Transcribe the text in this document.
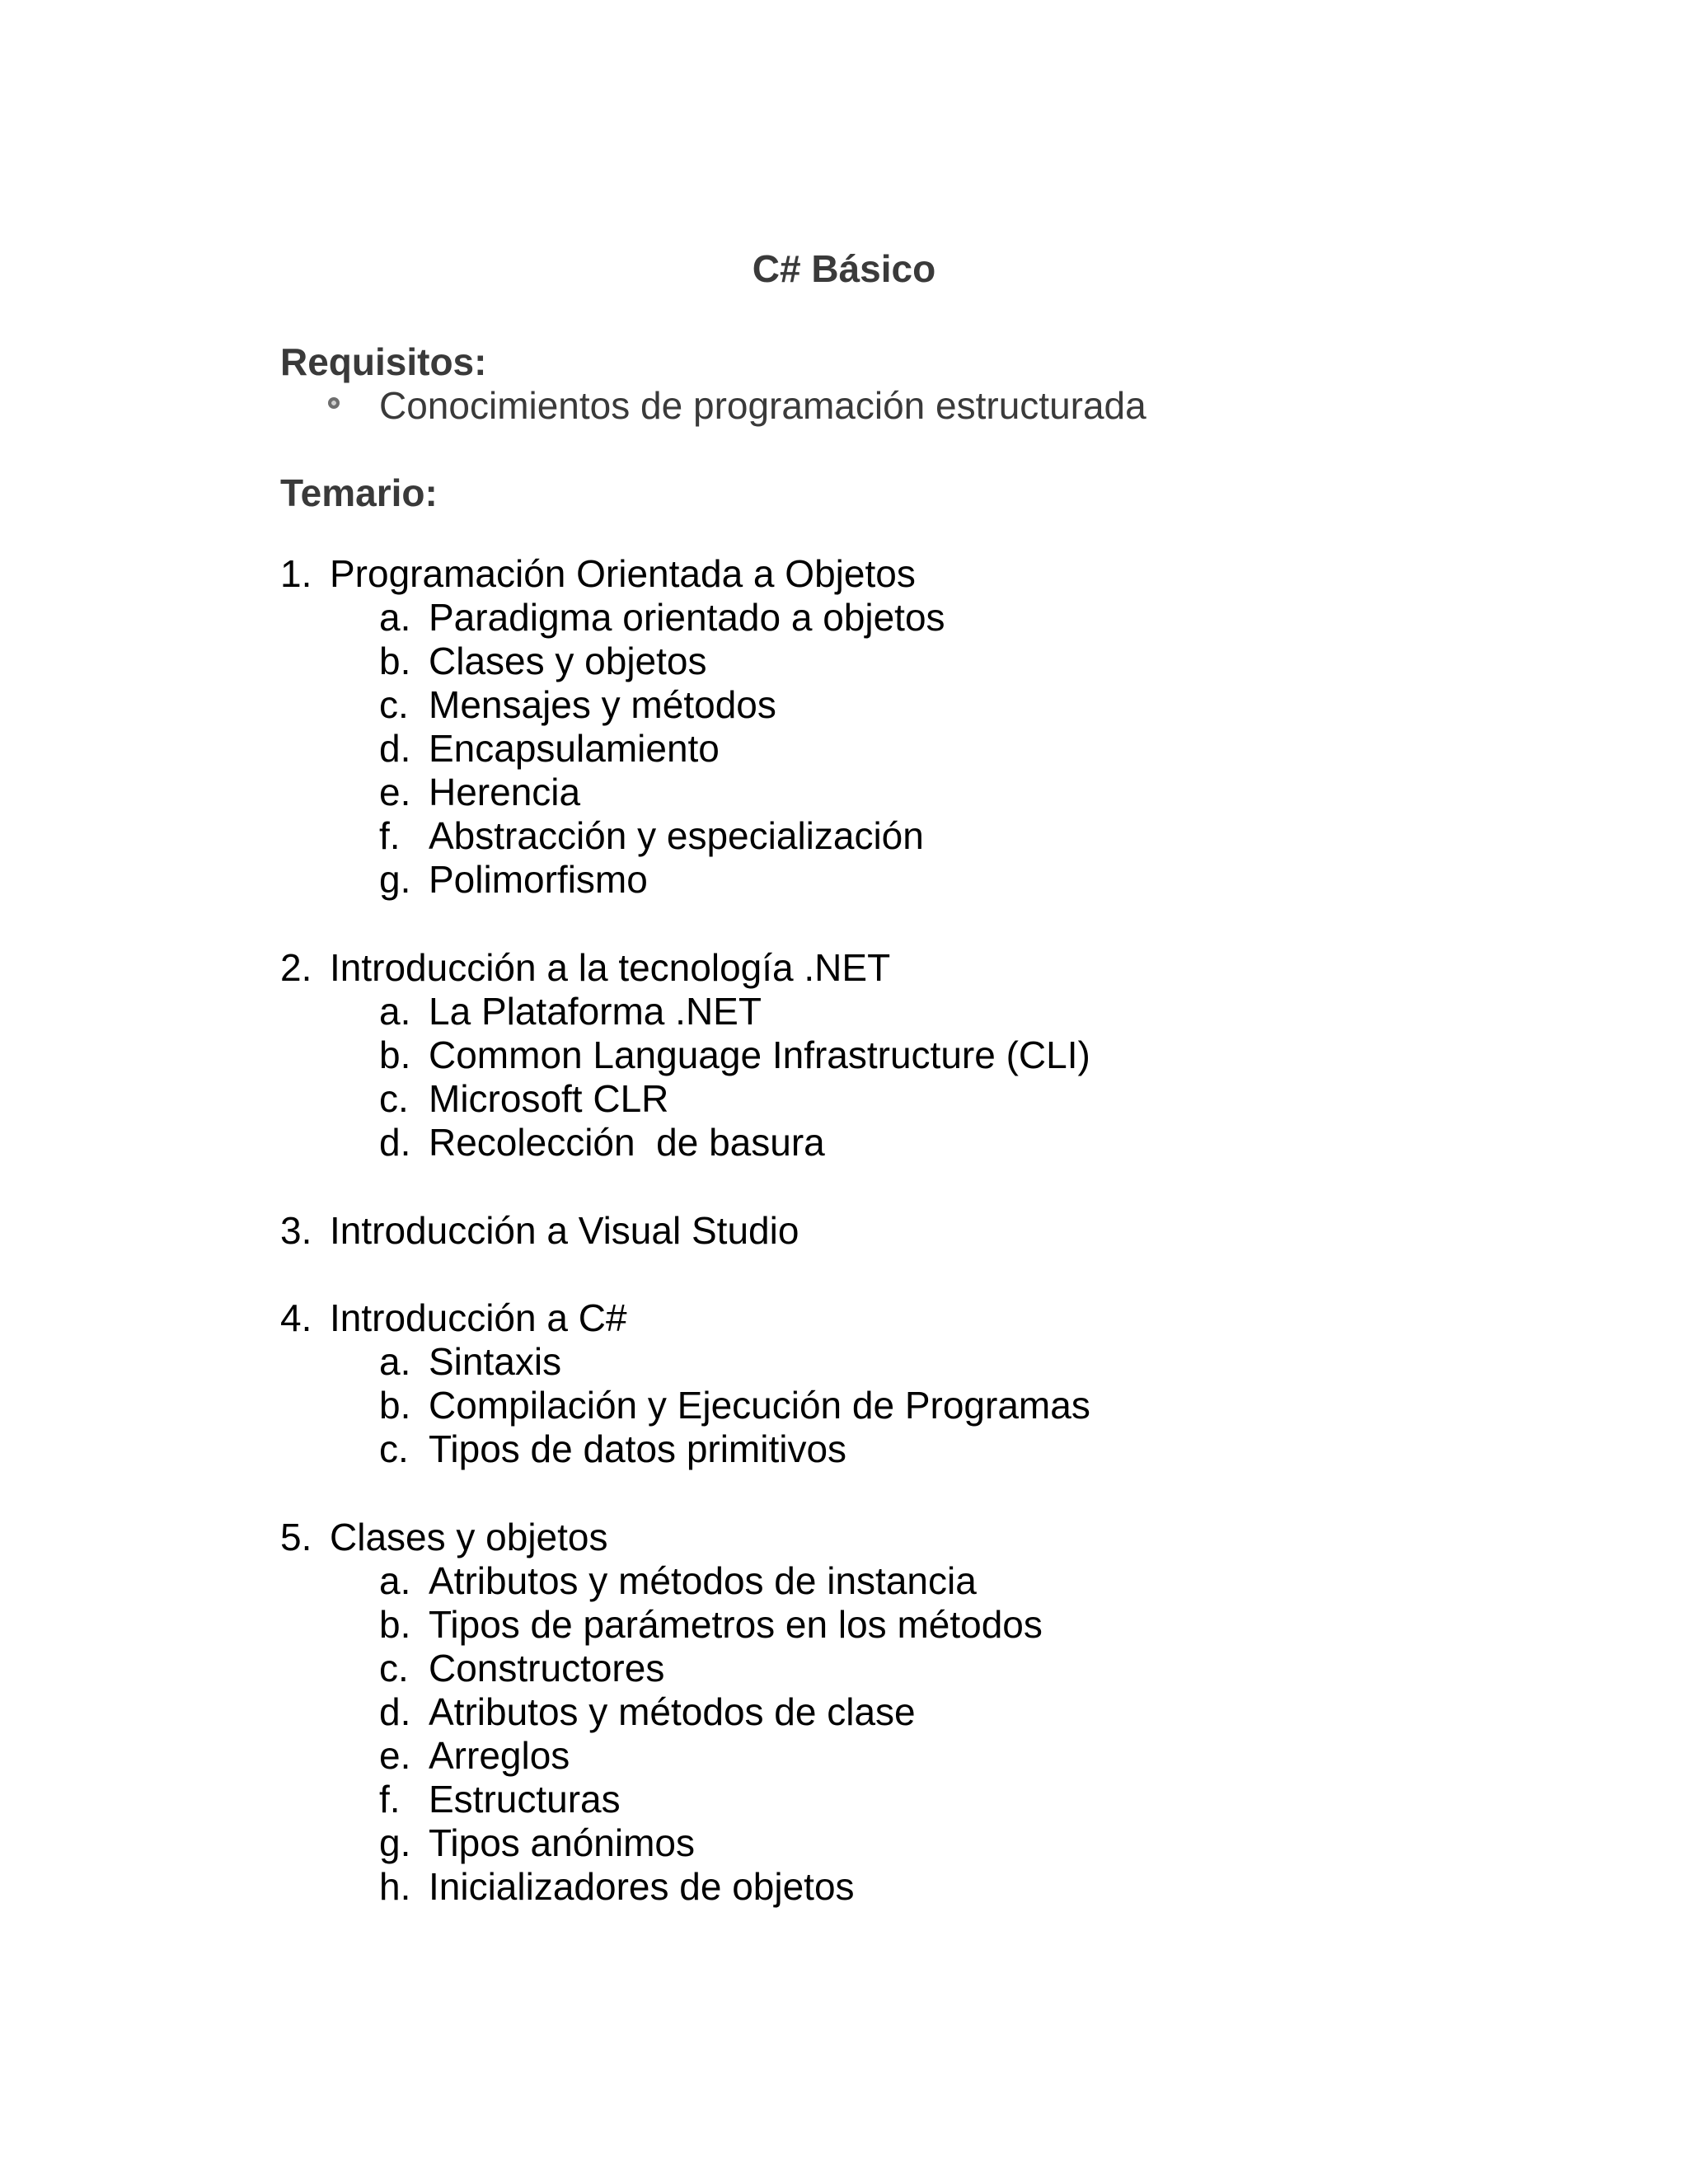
C# Básico
Requisitos:
Conocimientos de programación estructurada
Temario:
1. Programación Orientada a Objetos
a. Paradigma orientado a objetos
b. Clases y objetos
c. Mensajes y métodos
d. Encapsulamiento
e. Herencia
f. Abstracción y especialización
g. Polimorfismo
2. Introducción a la tecnología .NET
a. La Plataforma .NET
b. Common Language Infrastructure (CLI)
c. Microsoft CLR
d. Recolección  de basura
3. Introducción a Visual Studio
4. Introducción a C#
a. Sintaxis
b. Compilación y Ejecución de Programas
c. Tipos de datos primitivos
5. Clases y objetos
a. Atributos y métodos de instancia
b. Tipos de parámetros en los métodos
c. Constructores
d. Atributos y métodos de clase
e. Arreglos
f. Estructuras
g. Tipos anónimos
h. Inicializadores de objetos
